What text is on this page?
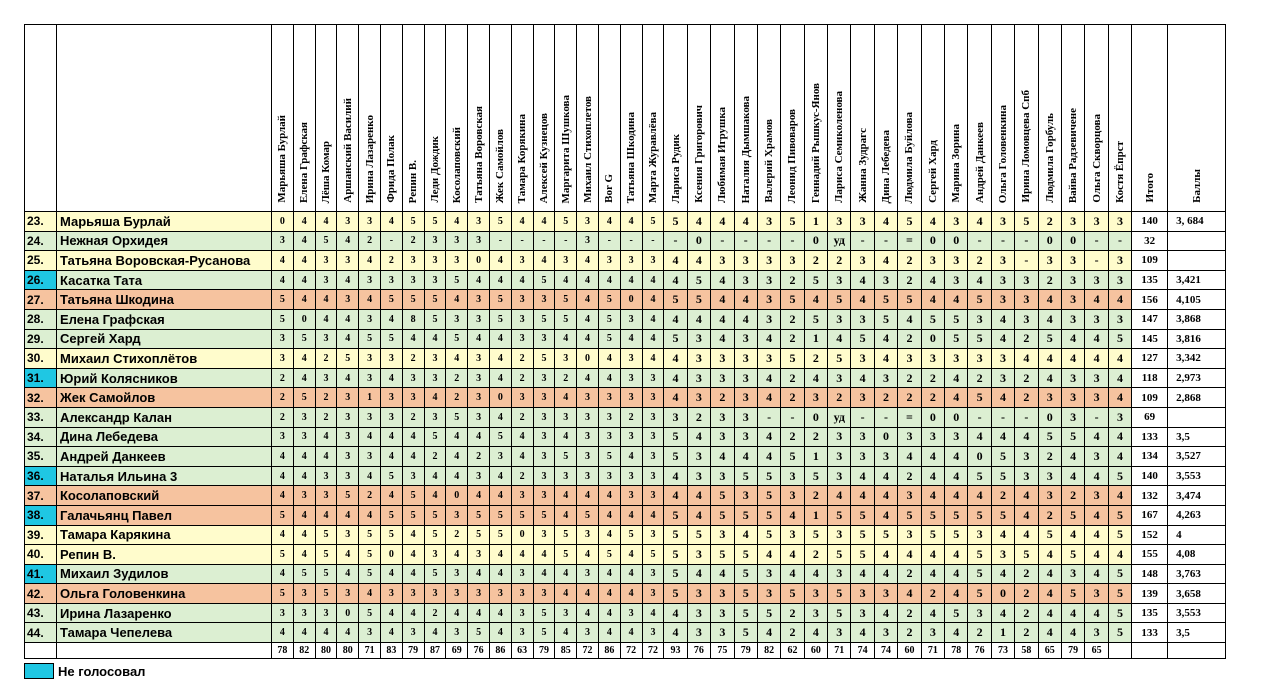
		Марьяша Бурлай	Елена Графская	Лёша Комар	Аршанский Василий	Ирина Лазаренко	Фрида Полак	Репин В.	Леди Дождик	Косолаповский	Татьяна Воровская	Жек Самойлов	Тамара Корякина	Алексей Кузнецов	Маргарита Шушкова	Михаил Стихоплетов	Bor G	Татьяна Шкодина	Марта Журавлёва	Лариса Рудик	Ксения Григорович	Любимая Игрушка	Наталия Дымшакова	Валерий Храмов	Леонид Пивоваров	Геннадий Рышкус-Янов	Лариса Семиколенова	Жанна Зудрагс	Дина Лебедева	Людмила Буйлова	Сергей Хард	Марина Зорина	Андрей Данкеев	Ольга Головенкина	Ирина Ломовцева Спб	Людмила Горбуль	Вайва Радзевичене	Ольга Скворцова	Костя Ёпрст	Итого	Баллы
23.	Марьяша Бурлай	0	4	4	3	3	4	5	5	4	3	5	4	4	5	3	4	4	5	5	4	4	4	3	5	1	3	3	4	5	4	3	4	3	5	2	3	3	3	140	3, 684
24.	Нежная Орхидея	3	4	5	4	2	-	2	3	3	3	-	-	-	-	3	-	-	-	-	0	-	-	-	-	0	уд	-	-	=	0	0	-	-	-	0	0	-	-	32	
25.	Татьяна Воровская-Русанова	4	4	3	3	4	2	3	3	3	0	4	3	4	3	4	3	3	3	4	4	3	3	3	3	2	2	3	4	2	3	3	2	3	-	3	3	-	3	109	
26.	Касатка Тата	4	4	3	4	3	3	3	3	5	4	4	4	5	4	4	4	4	4	4	5	4	3	3	2	5	3	4	3	2	4	3	4	3	3	2	3	3	3	135	3,421
27.	Татьяна Шкодина	5	4	4	3	4	5	5	5	4	3	5	3	3	5	4	5	0	4	5	5	4	4	3	5	4	5	4	5	5	4	4	5	3	3	4	3	4	4	156	4,105
28.	Елена Графская	5	0	4	4	3	4	8	5	3	3	5	3	5	5	4	5	3	4	4	4	4	4	3	2	5	3	3	5	4	5	5	3	4	3	4	3	3	3	147	3,868
29.	Сергей Хард	3	5	3	4	5	5	4	4	5	4	4	3	3	4	4	5	4	4	5	3	4	3	4	2	1	4	5	4	2	0	5	5	4	2	5	4	4	5	145	3,816
30.	Михаил Стихоплётов	3	4	2	5	3	3	2	3	4	3	4	2	5	3	0	4	3	4	4	3	3	3	3	5	2	5	3	4	3	3	3	3	3	4	4	4	4	4	127	3,342
31.	Юрий Колясников	2	4	3	4	3	4	3	3	2	3	4	2	3	2	4	4	3	3	4	3	3	3	4	2	4	3	4	3	2	2	4	2	3	2	4	3	3	4	118	2,973
32.	Жек Самойлов	2	5	2	3	1	3	3	4	2	3	0	3	3	4	3	3	3	3	4	3	2	3	4	2	3	2	3	2	2	2	4	5	4	2	3	3	3	4	109	2,868
33.	Александр Калан	2	3	2	3	3	3	2	3	5	3	4	2	3	3	3	3	2	3	3	2	3	3	-	-	0	уд	-	-	=	0	0	-	-	-	0	3	-	3	69	
34.	Дина Лебедева	3	3	4	3	4	4	4	5	4	4	5	4	3	4	3	3	3	3	5	4	3	3	4	2	2	3	3	0	3	3	3	4	4	4	5	5	4	4	133	3,5
35.	Андрей Данкеев	4	4	4	3	3	4	4	2	4	2	3	4	3	5	3	5	4	3	5	3	4	4	4	5	1	3	3	3	4	4	4	0	5	3	2	4	3	4	134	3,527
36.	Наталья Ильина 3	4	4	3	3	4	5	3	4	4	3	4	2	3	3	3	3	3	3	4	3	3	5	5	3	5	3	4	4	2	4	4	5	5	3	3	4	4	5	140	3,553
37.	Косолаповский	4	3	3	5	2	4	5	4	0	4	4	3	3	4	4	4	3	3	4	4	5	3	5	3	2	4	4	4	3	4	4	4	2	4	3	2	3	4	132	3,474
38.	Галачьянц Павел	5	4	4	4	4	5	5	5	3	5	5	5	5	4	5	4	4	4	5	4	5	5	5	4	1	5	5	4	5	5	5	5	5	4	2	5	4	5	167	4,263
39.	Тамара Карякина	4	4	5	3	5	5	4	5	2	5	5	0	3	5	3	4	5	3	5	5	3	4	5	3	5	3	5	5	3	5	5	3	4	4	5	4	4	5	152	4
40.	Репин В.	5	4	5	4	5	0	4	3	4	3	4	4	4	5	4	5	4	5	5	3	5	5	4	4	2	5	5	4	4	4	4	5	3	5	4	5	4	4	155	4,08
41.	Михаил Зудилов	4	5	5	4	5	4	4	5	3	4	4	3	4	4	3	4	4	3	5	4	4	5	3	4	4	3	4	4	2	4	4	5	4	2	4	3	4	5	148	3,763
42.	Ольга Головенкина	5	3	5	3	4	3	3	3	3	3	3	3	3	4	4	4	4	3	5	3	3	5	3	5	3	5	3	3	4	2	4	5	0	2	4	5	3	5	139	3,658
43.	Ирина Лазаренко	3	3	3	0	5	4	4	2	4	4	4	3	5	3	4	4	3	4	4	3	3	5	5	2	3	5	3	4	2	4	5	3	4	2	4	4	4	5	135	3,553
44.	Тамара Чепелева	4	4	4	4	3	4	3	4	3	5	4	3	5	4	3	4	4	3	4	3	3	5	4	2	4	3	4	3	2	3	4	2	1	2	4	4	3	5	133	3,5
		78	82	80	80	71	83	79	87	69	76	86	63	79	85	72	86	72	72	93	76	75	79	82	62	60	71	74	74	60	71	78	76	73	58	65	79	65			
Не голосовал
